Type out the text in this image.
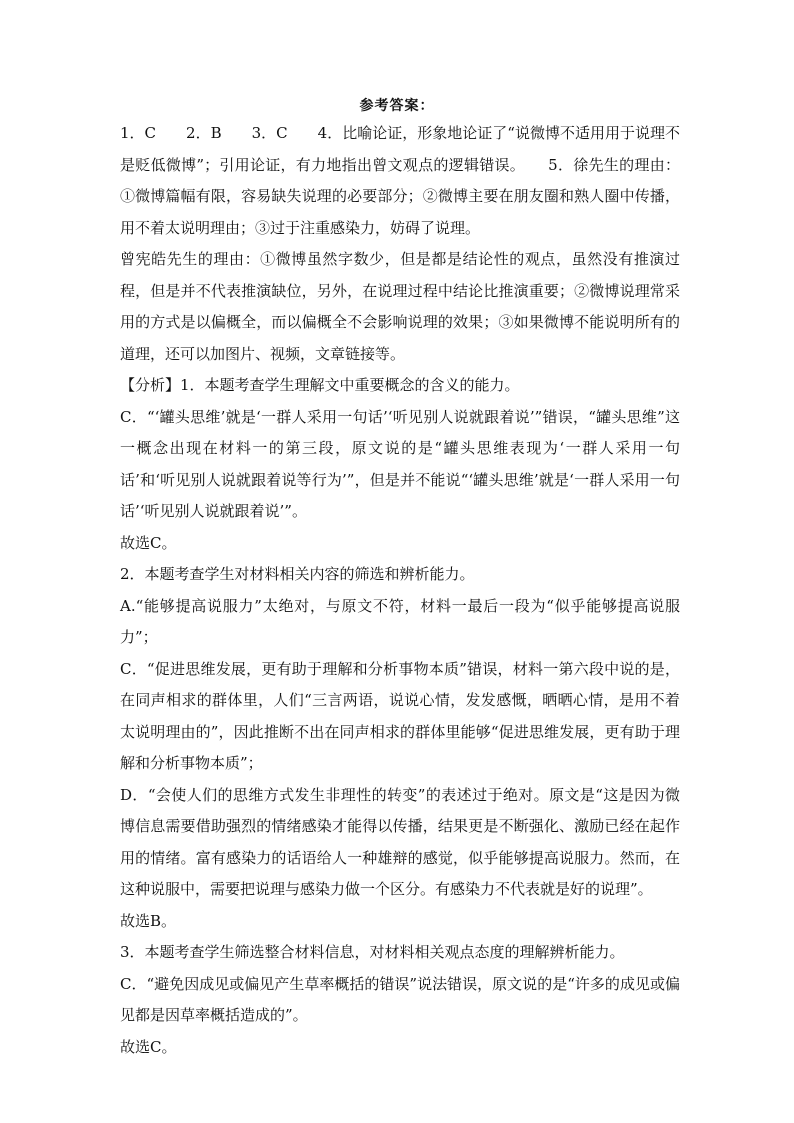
参考答案：

1．C　　2．B　　3．C　　4．比喻论证，形象地论证了“说微博不适用用于说理不是贬低微博”；引用论证，有力地指出曾文观点的逻辑错误。　　5．徐先生的理由：①微博篇幅有限，容易缺失说理的必要部分；②微博主要在朋友圈和熟人圈中传播，用不着太说明理由；③过于注重感染力，妨碍了说理。

曾宪皓先生的理由：①微博虽然字数少，但是都是结论性的观点，虽然没有推演过程，但是并不代表推演缺位，另外，在说理过程中结论比推演重要；②微博说理常采用的方式是以偏概全，而以偏概全不会影响说理的效果；③如果微博不能说明所有的道理，还可以加图片、视频，文章链接等。

【分析】1．本题考查学生理解文中重要概念的含义的能力。

C．“‘罐头思维’就是‘一群人采用一句话’‘听见别人说就跟着说’”错误，“罐头思维”这一概念出现在材料一的第三段，原文说的是“罐头思维表现为‘一群人采用一句话’和‘听见别人说就跟着说等行为’”，但是并不能说“‘罐头思维’就是‘一群人采用一句话’‘听见别人说就跟着说’”。

故选C。

2．本题考查学生对材料相关内容的筛选和辨析能力。

A.“能够提高说服力”太绝对，与原文不符，材料一最后一段为“似乎能够提高说服力”；

C．“促进思维发展，更有助于理解和分析事物本质”错误，材料一第六段中说的是，在同声相求的群体里，人们“三言两语，说说心情，发发感慨，晒晒心情，是用不着太说明理由的”，因此推断不出在同声相求的群体里能够“促进思维发展，更有助于理解和分析事物本质”；

D．“会使人们的思维方式发生非理性的转变”的表述过于绝对。原文是“这是因为微博信息需要借助强烈的情绪感染才能得以传播，结果更是不断强化、激励已经在起作用的情绪。富有感染力的话语给人一种雄辩的感觉，似乎能够提高说服力。然而，在这种说服中，需要把说理与感染力做一个区分。有感染力不代表就是好的说理”。

故选B。

3．本题考查学生筛选整合材料信息，对材料相关观点态度的理解辨析能力。

C．“避免因成见或偏见产生草率概括的错误”说法错误，原文说的是“许多的成见或偏见都是因草率概括造成的”。

故选C。
